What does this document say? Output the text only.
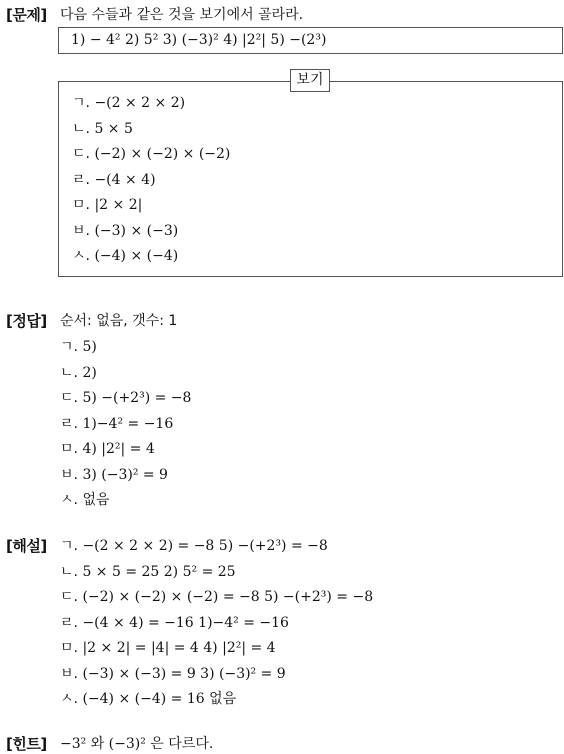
[문제] 다음 수들과 같은 것을 보기에서 골라라.
1) − 4² 2) 5² 3) (−3)² 4) |2²| 5) −(2³)
보기
ㄱ. −(2 × 2 × 2)
ㄴ. 5 × 5
ㄷ. (−2) × (−2) × (−2)
ㄹ. −(4 × 4)
ㅁ. |2 × 2|
ㅂ. (−3) × (−3)
ㅅ. (−4) × (−4)
[정답] 순서: 없음, 갯수: 1
ㄱ. 5)
ㄴ. 2)
ㄷ. 5) −(+2³) = −8
ㄹ. 1)−4² = −16
ㅁ. 4) |2²| = 4
ㅂ. 3) (−3)² = 9
ㅅ. 없음
[해설] ㄱ. −(2 × 2 × 2) = −8 5) −(+2³) = −8
ㄴ. 5 × 5 = 25 2) 5² = 25
ㄷ. (−2) × (−2) × (−2) = −8 5) −(+2³) = −8
ㄹ. −(4 × 4) = −16 1)−4² = −16
ㅁ. |2 × 2| = |4| = 4 4) |2²| = 4
ㅂ. (−3) × (−3) = 9 3) (−3)² = 9
ㅅ. (−4) × (−4) = 16 없음
[힌트] −3² 와 (−3)² 은 다르다.
